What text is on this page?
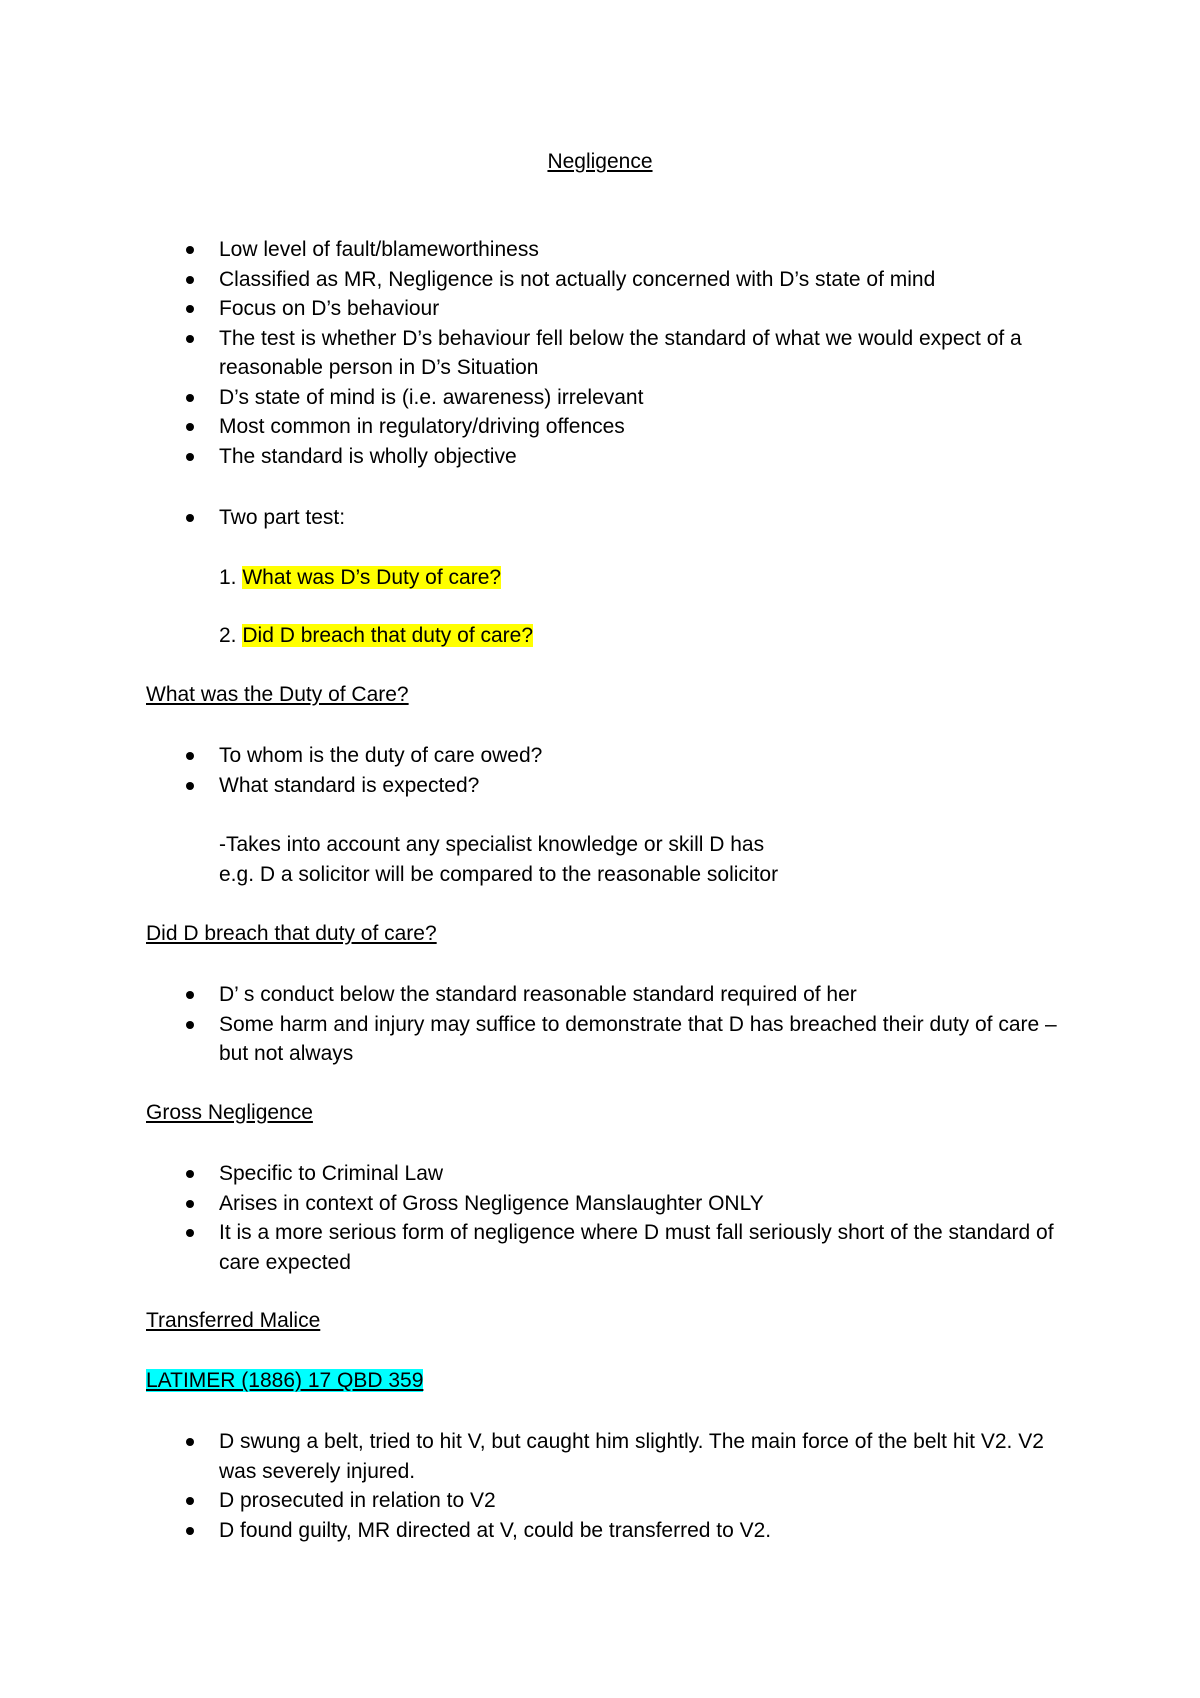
Negligence
Low level of fault/blameworthiness
Classified as MR, Negligence is not actually concerned with D’s state of mind
Focus on D’s behaviour
The test is whether D’s behaviour fell below the standard of what we would expect of a reasonable person in D’s Situation
D’s state of mind is (i.e. awareness) irrelevant
Most common in regulatory/driving offences
The standard is wholly objective
Two part test:
1. What was D’s Duty of care?
2. Did D breach that duty of care?
What was the Duty of Care?
To whom is the duty of care owed?
What standard is expected?
-Takes into account any specialist knowledge or skill D has
e.g. D a solicitor will be compared to the reasonable solicitor
Did D breach that duty of care?
D’ s conduct below the standard reasonable standard required of her
Some harm and injury may suffice to demonstrate that D has breached their duty of care – but not always
Gross Negligence
Specific to Criminal Law
Arises in context of Gross Negligence Manslaughter ONLY
It is a more serious form of negligence where D must fall seriously short of the standard of care expected
Transferred Malice
LATIMER (1886) 17 QBD 359
D swung a belt, tried to hit V, but caught him slightly. The main force of the belt hit V2. V2 was severely injured.
D prosecuted in relation to V2
D found guilty, MR directed at V, could be transferred to V2.
